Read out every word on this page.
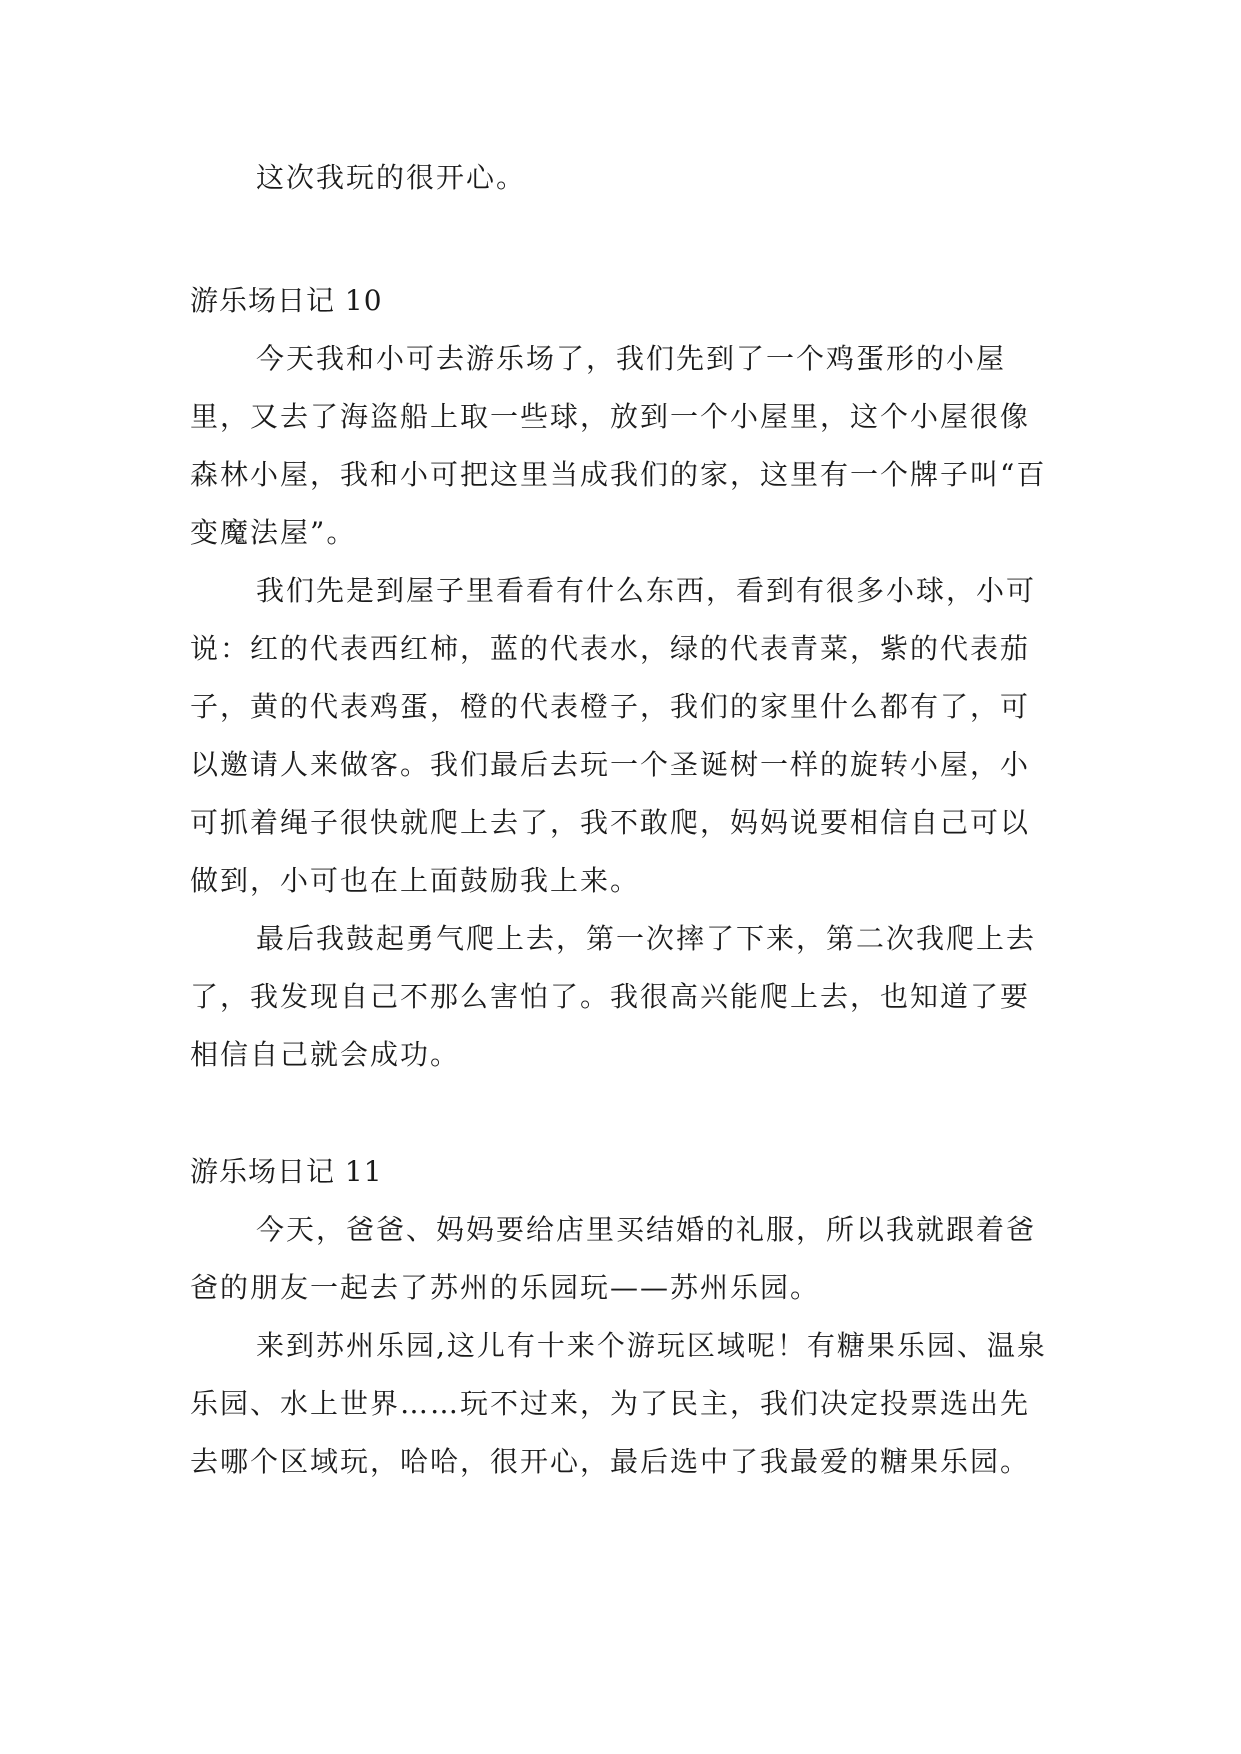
这次我玩的很开心。

游乐场日记 10

今天我和小可去游乐场了，我们先到了一个鸡蛋形的小屋里，又去了海盗船上取一些球，放到一个小屋里，这个小屋很像森林小屋，我和小可把这里当成我们的家，这里有一个牌子叫“百变魔法屋”。

我们先是到屋子里看看有什么东西，看到有很多小球，小可说：红的代表西红柿，蓝的代表水，绿的代表青菜，紫的代表茄子，黄的代表鸡蛋，橙的代表橙子，我们的家里什么都有了，可以邀请人来做客。我们最后去玩一个圣诞树一样的旋转小屋，小可抓着绳子很快就爬上去了，我不敢爬，妈妈说要相信自己可以做到，小可也在上面鼓励我上来。

最后我鼓起勇气爬上去，第一次摔了下来，第二次我爬上去了，我发现自己不那么害怕了。我很高兴能爬上去，也知道了要相信自己就会成功。

游乐场日记 11

今天，爸爸、妈妈要给店里买结婚的礼服，所以我就跟着爸爸的朋友一起去了苏州的乐园玩——苏州乐园。

来到苏州乐园,这儿有十来个游玩区域呢！有糖果乐园、温泉乐园、水上世界……玩不过来，为了民主，我们决定投票选出先去哪个区域玩，哈哈，很开心，最后选中了我最爱的糖果乐园。
